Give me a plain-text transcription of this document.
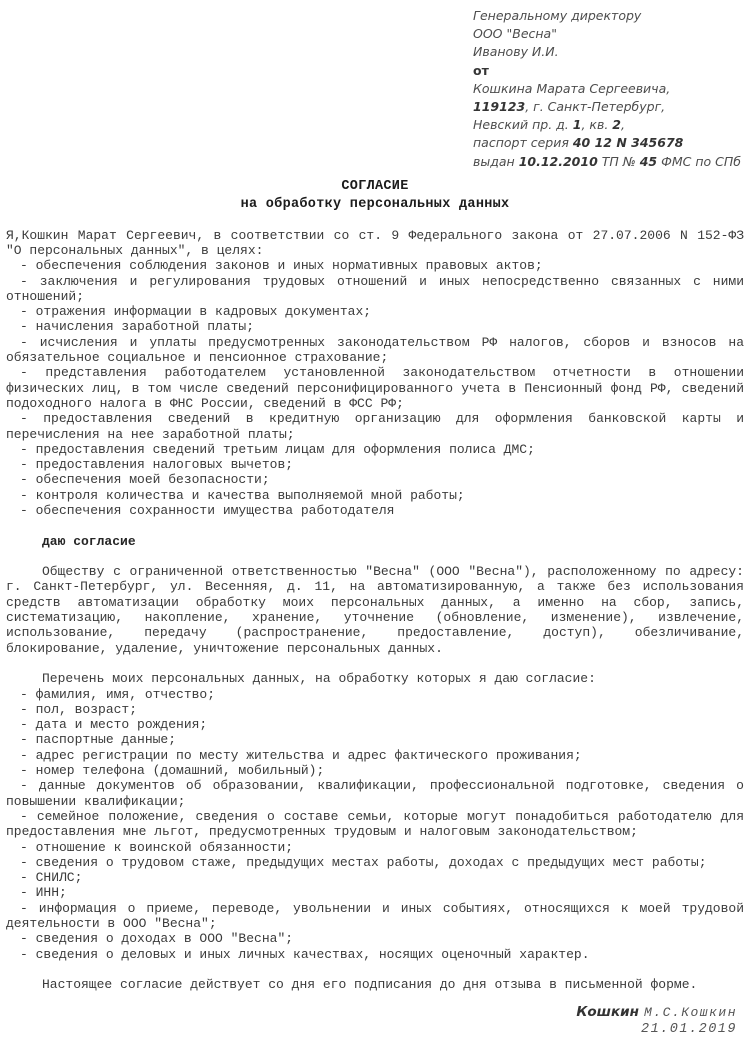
Генеральному директору
ООО "Весна"
Иванову И.И.
от
Кошкина Марата Сергеевича,
119123, г. Санкт-Петербург,
Невский пр. д. 1, кв. 2,
паспорт серия 40 12 N 345678
выдан 10.12.2010 ТП № 45 ФМС по СПб
СОГЛАСИЕ
на обработку персональных данных
Я,Кошкин Марат Сергеевич, в соответствии со ст. 9 Федерального закона от 27.07.2006 N 152-ФЗ "О персональных данных", в целях:
- обеспечения соблюдения законов и иных нормативных правовых актов;
- заключения и регулирования трудовых отношений и иных непосредственно связанных с ними отношений;
- отражения информации в кадровых документах;
- начисления заработной платы;
- исчисления и уплаты предусмотренных законодательством РФ налогов, сборов и взносов на обязательное социальное и пенсионное страхование;
- представления работодателем установленной законодательством отчетности в отношении физических лиц, в том числе сведений персонифицированного учета в Пенсионный фонд РФ, сведений подоходного налога в ФНС России, сведений в ФСС РФ;
- предоставления сведений в кредитную организацию для оформления банковской карты и перечисления на нее заработной платы;
- предоставления сведений третьим лицам для оформления полиса ДМС;
- предоставления налоговых вычетов;
- обеспечения моей безопасности;
- контроля количества и качества выполняемой мной работы;
- обеспечения сохранности имущества работодателя
даю согласие
Обществу с ограниченной ответственностью "Весна" (ООО "Весна"), расположенному по адресу: г. Санкт-Петербург, ул. Весенняя, д. 11, на автоматизированную, а также без использования средств автоматизации обработку моих персональных данных, а именно на сбор, запись, систематизацию, накопление, хранение, уточнение (обновление, изменение), извлечение, использование, передачу (распространение, предоставление, доступ), обезличивание, блокирование, удаление, уничтожение персональных данных.
Перечень моих персональных данных, на обработку которых я даю согласие:
- фамилия, имя, отчество;
- пол, возраст;
- дата и место рождения;
- паспортные данные;
- адрес регистрации по месту жительства и адрес фактического проживания;
- номер телефона (домашний, мобильный);
- данные документов об образовании, квалификации, профессиональной подготовке, сведения о повышении квалификации;
- семейное положение, сведения о составе семьи, которые могут понадобиться работодателю для предоставления мне льгот, предусмотренных трудовым и налоговым законодательством;
- отношение к воинской обязанности;
- сведения о трудовом стаже, предыдущих местах работы, доходах с предыдущих мест работы;
- СНИЛС;
- ИНН;
- информация о приеме, переводе, увольнении и иных событиях, относящихся к моей трудовой деятельности в ООО "Весна";
- сведения о доходах в ООО "Весна";
- сведения о деловых и иных личных качествах, носящих оценочный характер.
Настоящее согласие действует со дня его подписания до дня отзыва в письменной форме.
Кошкин М.С.Кошкин
21.01.2019
